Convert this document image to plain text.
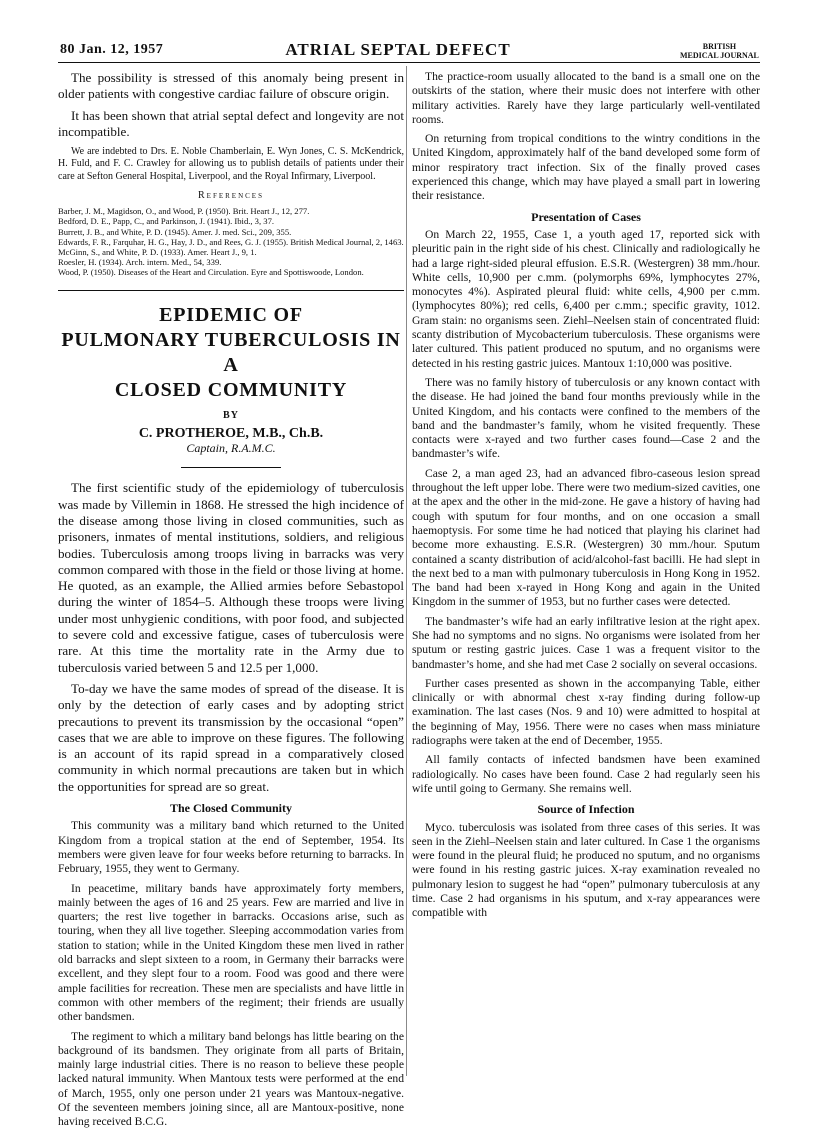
80 Jan. 12, 1957	ATRIAL SEPTAL DEFECT	BRITISH
MEDICAL JOURNAL

The possibility is stressed of this anomaly being present in older patients with congestive cardiac failure of obscure origin.

It has been shown that atrial septal defect and longevity are not incompatible.

We are indebted to Drs. E. Noble Chamberlain, E. Wyn Jones, C. S. McKendrick, H. Fuld, and F. C. Crawley for allowing us to publish details of patients under their care at Sefton General Hospital, Liverpool, and the Royal Infirmary, Liverpool.

References
Barber, J. M., Magidson, O., and Wood, P. (1950). Brit. Heart J., 12, 277.
Bedford, D. E., Papp, C., and Parkinson, J. (1941). Ibid., 3, 37.
Burrett, J. B., and White, P. D. (1945). Amer. J. med. Sci., 209, 355.
Edwards, F. R., Farquhar, H. G., Hay, J. D., and Rees, G. J. (1955). British Medical Journal, 2, 1463.
McGinn, S., and White, P. D. (1933). Amer. Heart J., 9, 1.
Roesler, H. (1934). Arch. intern. Med., 54, 339.
Wood, P. (1950). Diseases of the Heart and Circulation. Eyre and Spottiswoode, London.
EPIDEMIC OF
PULMONARY TUBERCULOSIS IN A
CLOSED COMMUNITY
BY
C. PROTHEROE, M.B., Ch.B.
Captain, R.A.M.C.

The first scientific study of the epidemiology of tuberculosis was made by Villemin in 1868. He stressed the high incidence of the disease among those living in closed communities, such as prisoners, inmates of mental institutions, soldiers, and religious bodies. Tuberculosis among troops living in barracks was very common compared with those in the field or those living at home. He quoted, as an example, the Allied armies before Sebastopol during the winter of 1854–5. Although these troops were living under most unhygienic conditions, with poor food, and subjected to severe cold and excessive fatigue, cases of tuberculosis were rare. At this time the mortality rate in the Army due to tuberculosis varied between 5 and 12.5 per 1,000.

To-day we have the same modes of spread of the disease. It is only by the detection of early cases and by adopting strict precautions to prevent its transmission by the occasional “open” cases that we are able to improve on these figures. The following is an account of its rapid spread in a comparatively closed community in which normal precautions are taken but in which the opportunities for spread are so great.

The Closed Community

This community was a military band which returned to the United Kingdom from a tropical station at the end of September, 1954. Its members were given leave for four weeks before returning to barracks. In February, 1955, they went to Germany.

In peacetime, military bands have approximately forty members, mainly between the ages of 16 and 25 years. Few are married and live in quarters; the rest live together in barracks. Occasions arise, such as touring, when they all live together. Sleeping accommodation varies from station to station; while in the United Kingdom these men lived in rather old barracks and slept sixteen to a room, in Germany their barracks were excellent, and they slept four to a room. Food was good and there were ample facilities for recreation. These men are specialists and have little in common with other members of the regiment; their friends are usually other bandsmen.

The regiment to which a military band belongs has little bearing on the background of its bandsmen. They originate from all parts of Britain, mainly large industrial cities. There is no reason to believe these people lacked natural immunity. When Mantoux tests were performed at the end of March, 1955, only one person under 21 years was Mantoux-negative. Of the seventeen members joining since, all are Mantoux-positive, none having received B.C.G.

The practice-room usually allocated to the band is a small one on the outskirts of the station, where their music does not interfere with other military activities. Rarely have they large particularly well-ventilated rooms.

On returning from tropical conditions to the wintry conditions in the United Kingdom, approximately half of the band developed some form of minor respiratory tract infection. Six of the finally proved cases experienced this change, which may have played a small part in lowering their resistance.

Presentation of Cases

On March 22, 1955, Case 1, a youth aged 17, reported sick with pleuritic pain in the right side of his chest. Clinically and radiologically he had a large right-sided pleural effusion. E.S.R. (Westergren) 38 mm./hour. White cells, 10,900 per c.mm. (polymorphs 69%, lymphocytes 27%, monocytes 4%). Aspirated pleural fluid: white cells, 4,900 per c.mm. (lymphocytes 80%); red cells, 6,400 per c.mm.; specific gravity, 1012. Gram stain: no organisms seen. Ziehl–Neelsen stain of concentrated fluid: scanty distribution of Mycobacterium tuberculosis. These organisms were later cultured. This patient produced no sputum, and no organisms were detected in his resting gastric juices. Mantoux 1:10,000 was positive.

There was no family history of tuberculosis or any known contact with the disease. He had joined the band four months previously while in the United Kingdom, and his contacts were confined to the members of the band and the bandmaster’s family, whom he visited frequently. These contacts were x-rayed and two further cases found—Case 2 and the bandmaster’s wife.

Case 2, a man aged 23, had an advanced fibro-caseous lesion spread throughout the left upper lobe. There were two medium-sized cavities, one at the apex and the other in the mid-zone. He gave a history of having had cough with sputum for four months, and on one occasion a small haemoptysis. For some time he had noticed that playing his clarinet had become more exhausting. E.S.R. (Westergren) 30 mm./hour. Sputum contained a scanty distribution of acid/alcohol-fast bacilli. He had slept in the next bed to a man with pulmonary tuberculosis in Hong Kong in 1952. The band had been x-rayed in Hong Kong and again in the United Kingdom in the summer of 1953, but no further cases were detected.

The bandmaster’s wife had an early infiltrative lesion at the right apex. She had no symptoms and no signs. No organisms were isolated from her sputum or resting gastric juices. Case 1 was a frequent visitor to the bandmaster’s home, and she had met Case 2 socially on several occasions.

Further cases presented as shown in the accompanying Table, either clinically or with abnormal chest x-ray finding during follow-up examination. The last cases (Nos. 9 and 10) were admitted to hospital at the beginning of May, 1956. There were no cases when mass miniature radiographs were taken at the end of December, 1955.

All family contacts of infected bandsmen have been examined radiologically. No cases have been found. Case 2 had regularly seen his wife until going to Germany. She remains well.

Source of Infection

Myco. tuberculosis was isolated from three cases of this series. It was seen in the Ziehl–Neelsen stain and later cultured. In Case 1 the organisms were found in the pleural fluid; he produced no sputum, and no organisms were found in his resting gastric juices. X-ray examination revealed no pulmonary lesion to suggest he had “open” pulmonary tuberculosis at any time. Case 2 had organisms in his sputum, and x-ray appearances were compatible with
